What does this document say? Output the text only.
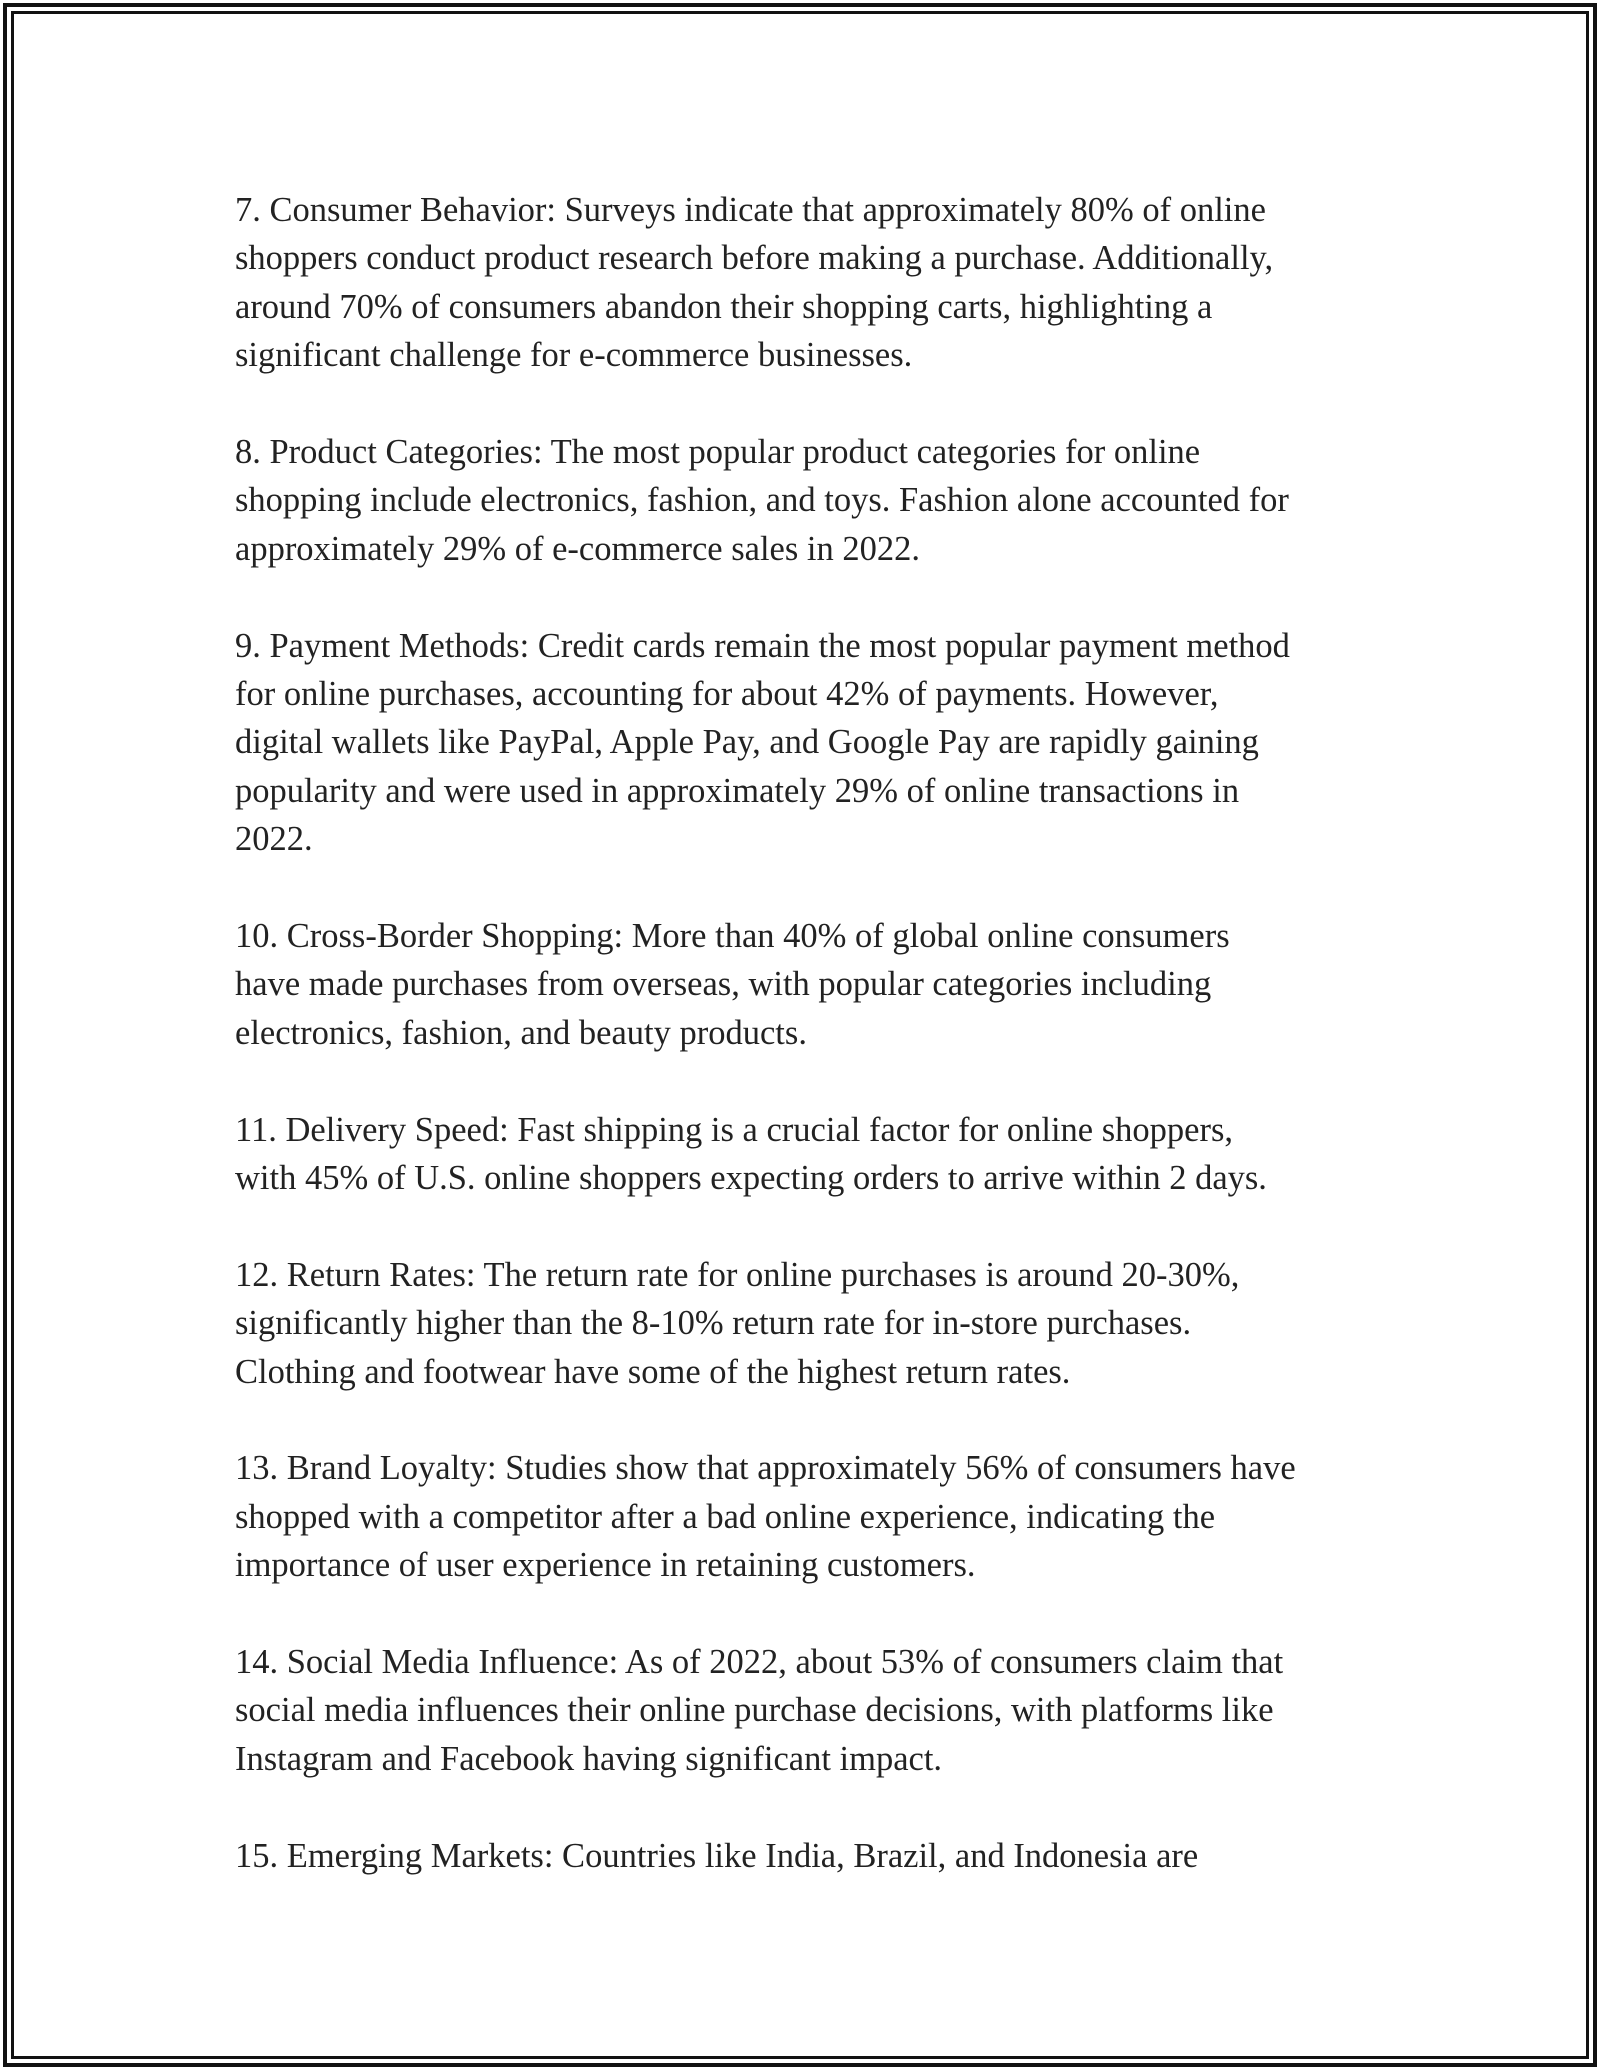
7. Consumer Behavior: Surveys indicate that approximately 80% of online
shoppers conduct product research before making a purchase. Additionally,
around 70% of consumers abandon their shopping carts, highlighting a
significant challenge for e-commerce businesses.

8. Product Categories: The most popular product categories for online
shopping include electronics, fashion, and toys. Fashion alone accounted for
approximately 29% of e-commerce sales in 2022.

9. Payment Methods: Credit cards remain the most popular payment method
for online purchases, accounting for about 42% of payments. However,
digital wallets like PayPal, Apple Pay, and Google Pay are rapidly gaining
popularity and were used in approximately 29% of online transactions in
2022.

10. Cross-Border Shopping: More than 40% of global online consumers
have made purchases from overseas, with popular categories including
electronics, fashion, and beauty products.

11. Delivery Speed: Fast shipping is a crucial factor for online shoppers,
with 45% of U.S. online shoppers expecting orders to arrive within 2 days.

12. Return Rates: The return rate for online purchases is around 20-30%,
significantly higher than the 8-10% return rate for in-store purchases.
Clothing and footwear have some of the highest return rates.

13. Brand Loyalty: Studies show that approximately 56% of consumers have
shopped with a competitor after a bad online experience, indicating the
importance of user experience in retaining customers.

14. Social Media Influence: As of 2022, about 53% of consumers claim that
social media influences their online purchase decisions, with platforms like
Instagram and Facebook having significant impact.

15. Emerging Markets: Countries like India, Brazil, and Indonesia are
